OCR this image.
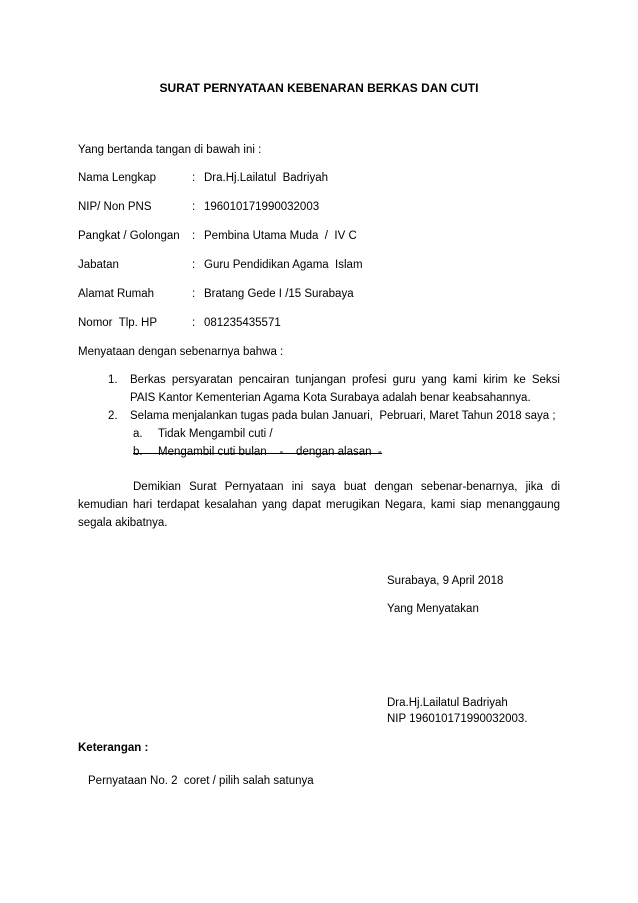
SURAT PERNYATAAN KEBENARAN BERKAS DAN CUTI
Yang bertanda tangan di bawah ini :
Nama Lengkap	: Dra.Hj.Lailatul  Badriyah
NIP/ Non PNS	: 196010171990032003
Pangkat / Golongan : Pembina Utama Muda  /  IV C
Jabatan	: Guru Pendidikan Agama  Islam
Alamat Rumah	: Bratang Gede I /15 Surabaya
Nomor  Tlp. HP	: 081235435571
Menyataan dengan sebenarnya bahwa :
1. Berkas persyaratan pencairan tunjangan profesi guru yang kami kirim ke Seksi
PAIS Kantor Kementerian Agama Kota Surabaya adalah benar keabsahannya.
2. Selama menjalankan tugas pada bulan Januari,  Pebruari, Maret Tahun 2018 saya ;
a. Tidak Mengambil cuti /
b. Mengambil cuti bulan    -    dengan alasan  -
Demikian Surat Pernyataan ini saya buat dengan sebenar-benarnya, jika di
kemudian hari terdapat kesalahan yang dapat merugikan Negara, kami siap menanggaung
segala akibatnya.
Surabaya, 9 April 2018
Yang Menyatakan
Dra.Hj.Lailatul Badriyah
NIP 196010171990032003.
Keterangan :
Pernyataan No. 2  coret / pilih salah satunya
